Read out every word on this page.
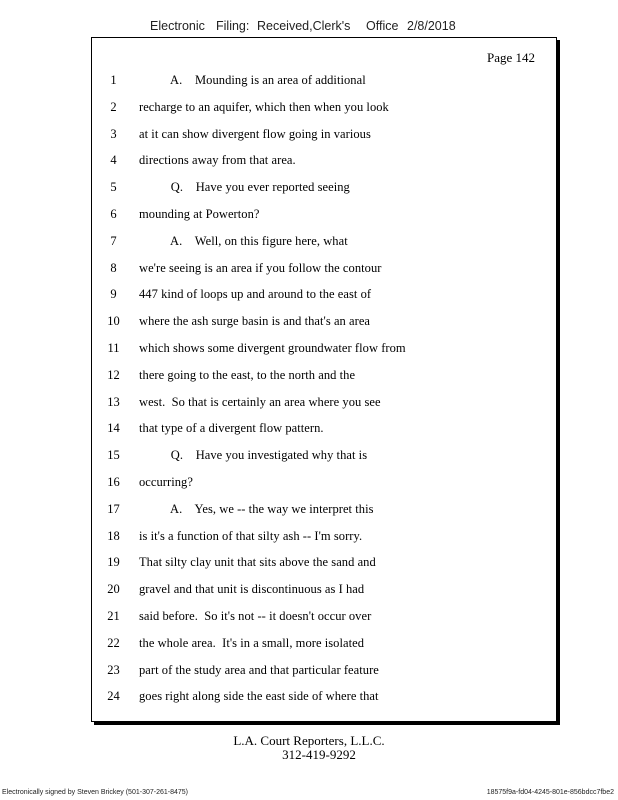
Electronic Filing: Received,Clerk's Office 2/8/2018
Page 142
1	A.    Mounding is an area of additional
2	recharge to an aquifer, which then when you look
3	at it can show divergent flow going in various
4	directions away from that area.
5	Q.    Have you ever reported seeing
6	mounding at Powerton?
7	A.    Well, on this figure here, what
8	we're seeing is an area if you follow the contour
9	447 kind of loops up and around to the east of
10	where the ash surge basin is and that's an area
11	which shows some divergent groundwater flow from
12	there going to the east, to the north and the
13	west.  So that is certainly an area where you see
14	that type of a divergent flow pattern.
15	Q.    Have you investigated why that is
16	occurring?
17	A.    Yes, we -- the way we interpret this
18	is it's a function of that silty ash -- I'm sorry.
19	That silty clay unit that sits above the sand and
20	gravel and that unit is discontinuous as I had
21	said before.  So it's not -- it doesn't occur over
22	the whole area.  It's in a small, more isolated
23	part of the study area and that particular feature
24	goes right along side the east side of where that
L.A. Court Reporters, L.L.C.
312-419-9292
Electronically signed by Steven Brickey (501-307-261-8475)	18575f9a-fd04-4245-801e-856bdcc7fbe2
